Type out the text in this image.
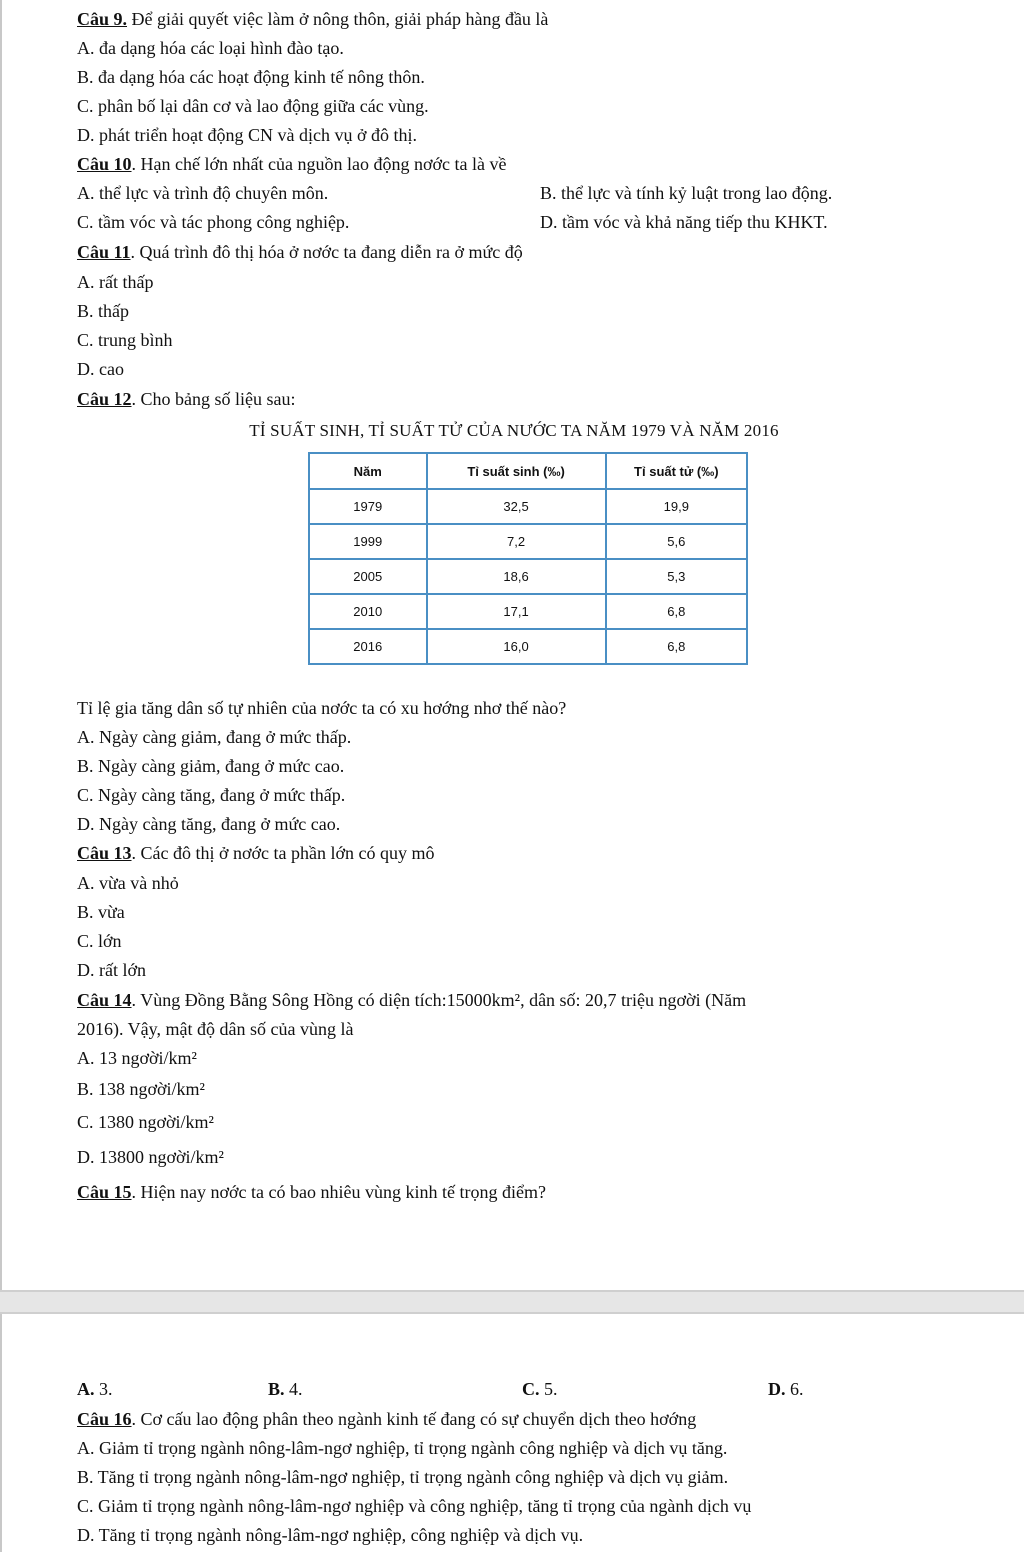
Câu 9. Để giải quyết việc làm ở nông thôn, giải pháp hàng đầu là
A. đa dạng hóa các loại hình đào tạo.
B. đa dạng hóa các hoạt động kinh tế nông thôn.
C. phân bố lại dân cơ và lao động giữa các vùng.
D. phát triển hoạt động CN và dịch vụ ở đô thị.
Câu 10. Hạn chế lớn nhất của nguồn lao động nơớc ta là về
A. thể lực và trình độ chuyên môn.	B. thể lực và tính kỷ luật trong lao động.
C. tầm vóc và tác phong công nghiệp.	D. tầm vóc và khả năng tiếp thu KHKT.
Câu 11. Quá trình đô thị hóa ở nơớc ta đang diễn ra ở mức độ
A. rất thấp
B. thấp
C. trung bình
D. cao
Câu 12. Cho bảng số liệu sau:
TỈ SUẤT SINH, TỈ SUẤT TỬ CỦA NƯỚC TA NĂM 1979 VÀ NĂM 2016
Năm	Tỉ suất sinh (‰)	Tỉ suất tử (‰)
1979	32,5	19,9
1999	7,2	5,6
2005	18,6	5,3
2010	17,1	6,8
2016	16,0	6,8
Tỉ lệ gia tăng dân số tự nhiên của nơớc ta có xu hơớng nhơ thế nào?
A. Ngày càng giảm, đang ở mức thấp.
B. Ngày càng giảm, đang ở mức cao.
C. Ngày càng tăng, đang ở mức thấp.
D. Ngày càng tăng, đang ở mức cao.
Câu 13. Các đô thị ở nơớc ta phần lớn có quy mô
A. vừa và nhỏ
B. vừa
C. lớn
D. rất lớn
Câu 14. Vùng Đồng Bằng Sông Hồng có diện tích:15000km², dân số: 20,7 triệu ngơời (Năm
2016). Vậy, mật độ dân số của vùng là
A. 13 ngơời/km²
B. 138 ngơời/km²
C. 1380 ngơời/km²
D. 13800 ngơời/km²
Câu 15. Hiện nay nơớc ta có bao nhiêu vùng kinh tế trọng điểm?
A. 3.	B. 4.	C. 5.	D. 6.
Câu 16. Cơ cấu lao động phân theo ngành kinh tế đang có sự chuyển dịch theo hơớng
A. Giảm tỉ trọng ngành nông-lâm-ngơ nghiệp, tỉ trọng ngành công nghiệp và dịch vụ tăng.
B. Tăng tỉ trọng ngành nông-lâm-ngơ nghiệp, tỉ trọng ngành công nghiệp và dịch vụ giảm.
C. Giảm tỉ trọng ngành nông-lâm-ngơ nghiệp và công nghiệp, tăng tỉ trọng của ngành dịch vụ
D. Tăng tỉ trọng ngành nông-lâm-ngơ nghiệp, công nghiệp và dịch vụ.
